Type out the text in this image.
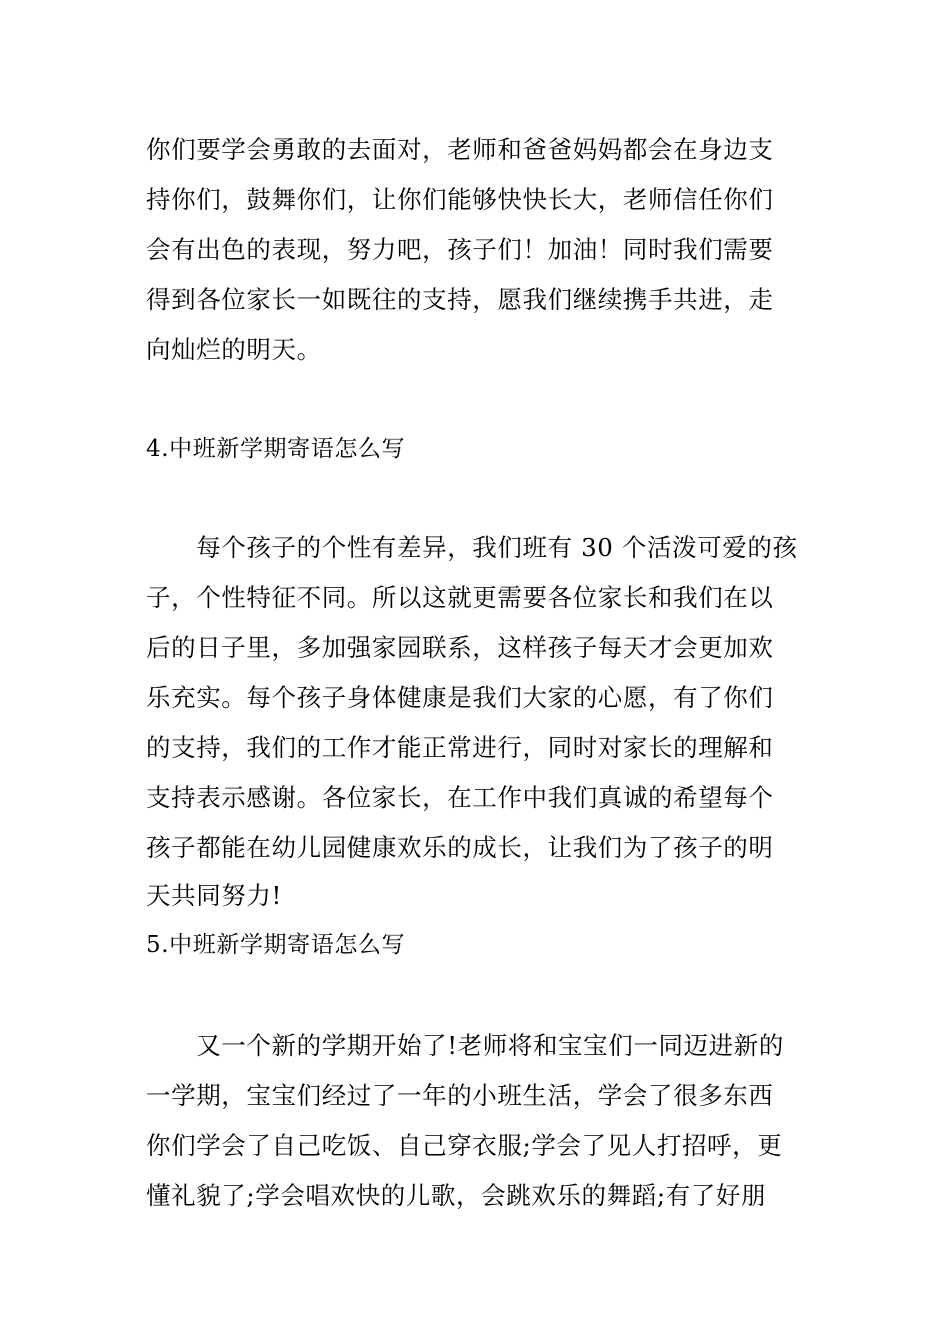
你们要学会勇敢的去面对，老师和爸爸妈妈都会在身边支
持你们，鼓舞你们，让你们能够快快长大，老师信任你们
会有出色的表现，努力吧，孩子们！加油！同时我们需要
得到各位家长一如既往的支持，愿我们继续携手共进，走
向灿烂的明天。
4.中班新学期寄语怎么写
　　每个孩子的个性有差异，我们班有 30 个活泼可爱的孩
子，个性特征不同。所以这就更需要各位家长和我们在以
后的日子里，多加强家园联系，这样孩子每天才会更加欢
乐充实。每个孩子身体健康是我们大家的心愿，有了你们
的支持，我们的工作才能正常进行，同时对家长的理解和
支持表示感谢。各位家长，在工作中我们真诚的希望每个
孩子都能在幼儿园健康欢乐的成长，让我们为了孩子的明
天共同努力!
5.中班新学期寄语怎么写
　　又一个新的学期开始了!老师将和宝宝们一同迈进新的
一学期，宝宝们经过了一年的小班生活，学会了很多东西
你们学会了自己吃饭、自己穿衣服;学会了见人打招呼，更
懂礼貌了;学会唱欢快的儿歌，会跳欢乐的舞蹈;有了好朋
